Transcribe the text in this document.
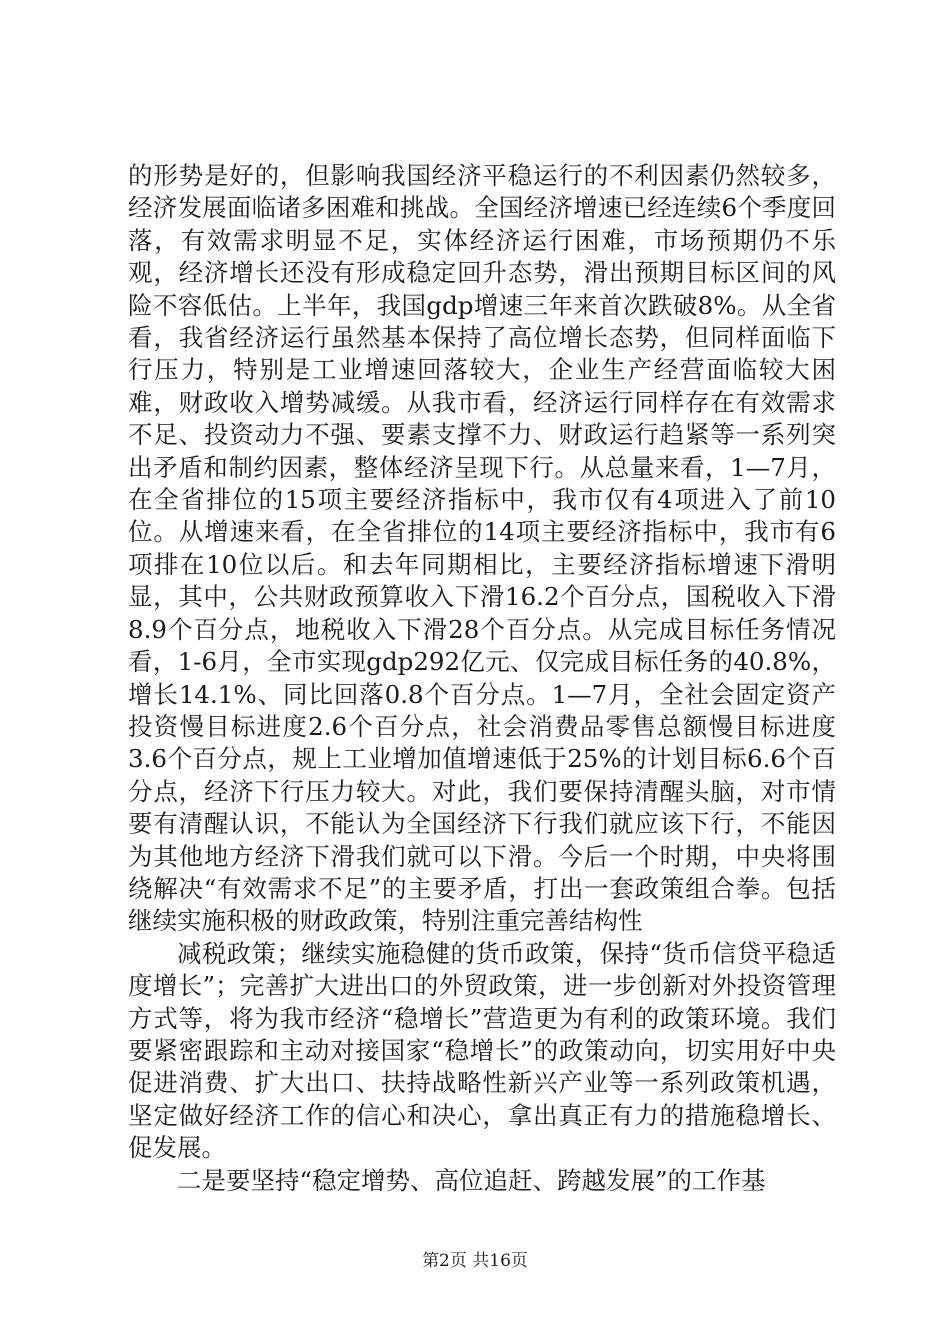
的形势是好的，但影响我国经济平稳运行的不利因素仍然较多，经济发展面临诸多困难和挑战。全国经济增速已经连续6个季度回落，有效需求明显不足，实体经济运行困难，市场预期仍不乐观，经济增长还没有形成稳定回升态势，滑出预期目标区间的风险不容低估。上半年，我国gdp增速三年来首次跌破8%。从全省看，我省经济运行虽然基本保持了高位增长态势，但同样面临下行压力，特别是工业增速回落较大，企业生产经营面临较大困难，财政收入增势减缓。从我市看，经济运行同样存在有效需求不足、投资动力不强、要素支撑不力、财政运行趋紧等一系列突出矛盾和制约因素，整体经济呈现下行。从总量来看，1—7月，在全省排位的15项主要经济指标中，我市仅有4项进入了前10位。从增速来看，在全省排位的14项主要经济指标中，我市有6项排在10位以后。和去年同期相比，主要经济指标增速下滑明显，其中，公共财政预算收入下滑16.2个百分点，国税收入下滑8.9个百分点，地税收入下滑28个百分点。从完成目标任务情况看，1-6月，全市实现gdp292亿元、仅完成目标任务的40.8%，增长14.1%、同比回落0.8个百分点。1—7月，全社会固定资产投资慢目标进度2.6个百分点，社会消费品零售总额慢目标进度3.6个百分点，规上工业增加值增速低于25%的计划目标6.6个百分点，经济下行压力较大。对此，我们要保持清醒头脑，对市情要有清醒认识，不能认为全国经济下行我们就应该下行，不能因为其他地方经济下滑我们就可以下滑。今后一个时期，中央将围绕解决“有效需求不足”的主要矛盾，打出一套政策组合拳。包括继续实施积极的财政政策，特别注重完善结构性

减税政策；继续实施稳健的货币政策，保持“货币信贷平稳适度增长”；完善扩大进出口的外贸政策，进一步创新对外投资管理方式等，将为我市经济“稳增长”营造更为有利的政策环境。我们要紧密跟踪和主动对接国家“稳增长”的政策动向，切实用好中央促进消费、扩大出口、扶持战略性新兴产业等一系列政策机遇，坚定做好经济工作的信心和决心，拿出真正有力的措施稳增长、促发展。

二是要坚持“稳定增势、高位追赶、跨越发展”的工作基

第2页 共16页
